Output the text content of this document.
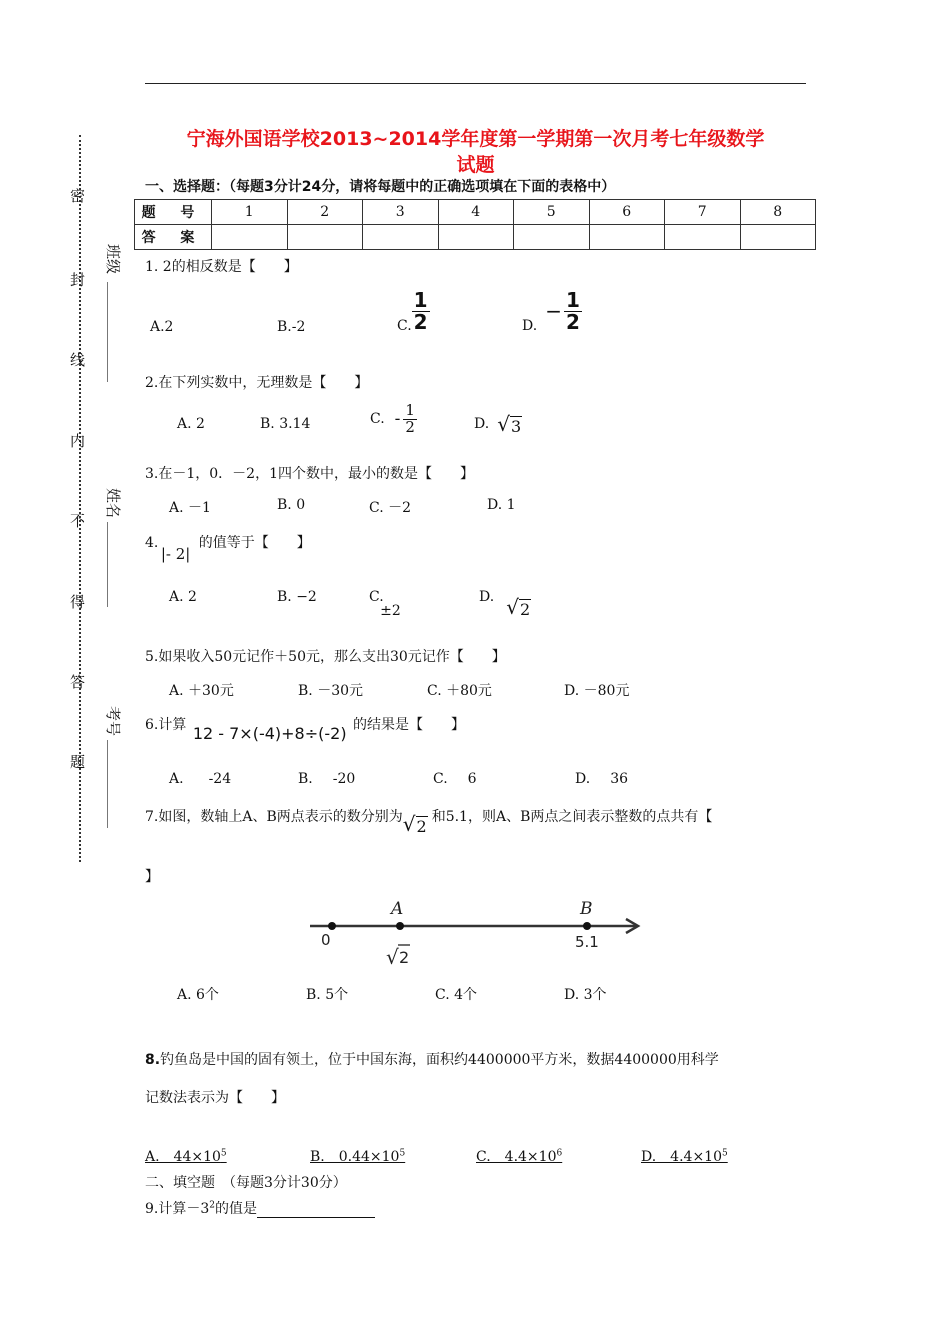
密
封
线
内
不
得
答
题
班级
姓名
考号
宁海外国语学校2013~2014学年度第一学期第一次月考七年级数学
试题
一、选择题：（每题3分计24分，请将每题中的正确选项填在下面的表格中）
题 号	1	2	3	4	5	6	7	8
答 案								
1. 2的相反数是【　　】
A.2	B.-2	C. $\frac{1}{2}$	D.
− $\frac{1}{2}$
2.在下列实数中，无理数是【　　】
A. 2	B. 3.14	C. - $\frac{1}{2}$	D. √ 3
3.在－1，0．－2，1四个数中，最小的数是【　　】
A. －1	B. 0	C. －2	D. 1
4. |- 2| 的值等于【　　】
A. 2	B. −2	C. ±2
D. √ 2
5.如果收入50元记作＋50元，那么支出30元记作【　　】
A. ＋30元	B. －30元	C. ＋80元	D. －80元
6.计算 12 - 7×(-4)+8÷(-2) 的结果是【　　】
A. -24	B. -20	C. 6	D. 36
7.如图，数轴上A、B两点表示的数分别为 √ 2 和5.1，则A、B两点之间表示整数的点共有【
】
0
A	B
5.1
√ 2
A. 6个	B. 5个	C. 4个	D. 3个
8.钓鱼岛是中国的固有领土，位于中国东海，面积约4400000平方米，数据4400000用科学
记数法表示为【　　】
A.　$44\times 10^5$	B.　$0.44\times 10^5$	C.　$4.4\times 10^6$	D.　$4.4\times 10^5$
二、填空题　（每题3分计30分）
9.计算$-3^2$的值是
